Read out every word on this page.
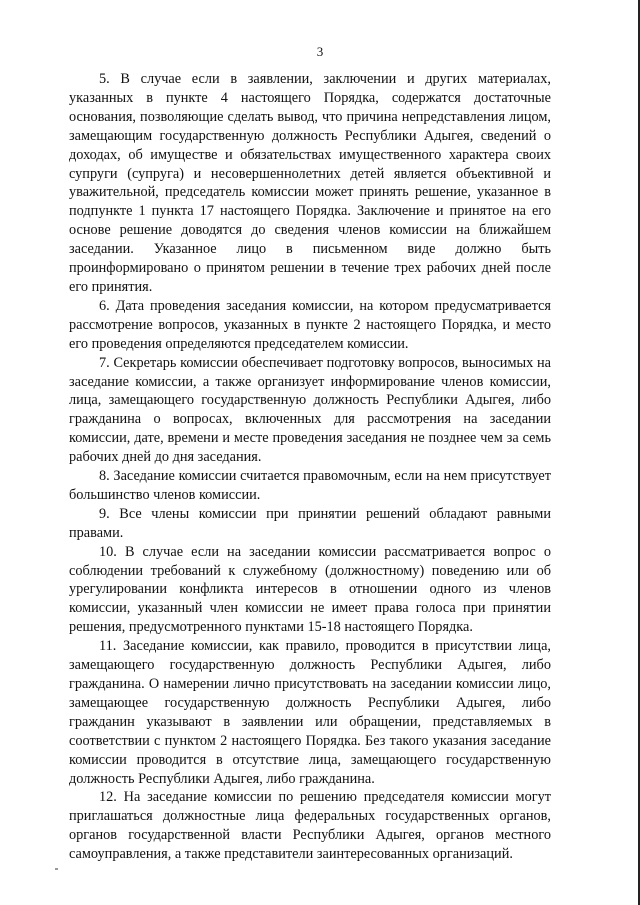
3

5. В случае если в заявлении, заключении и других материалах, указанных в пункте 4 настоящего Порядка, содержатся достаточные основания, позволяющие сделать вывод, что причина непредставления лицом, замещающим государственную должность Республики Адыгея, сведений о доходах, об имуществе и обязательствах имущественного характера своих супруги (супруга) и несовершеннолетних детей является объективной и уважительной, председатель комиссии может принять решение, указанное в подпункте 1 пункта 17 настоящего Порядка. Заключение и принятое на его основе решение доводятся до сведения членов комиссии на ближайшем заседании. Указанное лицо в письменном виде должно быть проинформировано о принятом решении в течение трех рабочих дней после его принятия.

6. Дата проведения заседания комиссии, на котором предусматривается рассмотрение вопросов, указанных в пункте 2 настоящего Порядка, и место его проведения определяются председателем комиссии.

7. Секретарь комиссии обеспечивает подготовку вопросов, выносимых на заседание комиссии, а также организует информирование членов комиссии, лица, замещающего государственную должность Республики Адыгея, либо гражданина о вопросах, включенных для рассмотрения на заседании комиссии, дате, времени и месте проведения заседания не позднее чем за семь рабочих дней до дня заседания.

8. Заседание комиссии считается правомочным, если на нем присутствует большинство членов комиссии.

9. Все члены комиссии при принятии решений обладают равными правами.

10. В случае если на заседании комиссии рассматривается вопрос о соблюдении требований к служебному (должностному) поведению или об урегулировании конфликта интересов в отношении одного из членов комиссии, указанный член комиссии не имеет права голоса при принятии решения, предусмотренного пунктами 15-18 настоящего Порядка.

11. Заседание комиссии, как правило, проводится в присутствии лица, замещающего государственную должность Республики Адыгея, либо гражданина. О намерении лично присутствовать на заседании комиссии лицо, замещающее государственную должность Республики Адыгея, либо гражданин указывают в заявлении или обращении, представляемых в соответствии с пунктом 2 настоящего Порядка. Без такого указания заседание комиссии проводится в отсутствие лица, замещающего государственную должность Республики Адыгея, либо гражданина.

12. На заседание комиссии по решению председателя комиссии могут приглашаться должностные лица федеральных государственных органов, органов государственной власти Республики Адыгея, органов местного самоуправления, а также представители заинтересованных организаций.
